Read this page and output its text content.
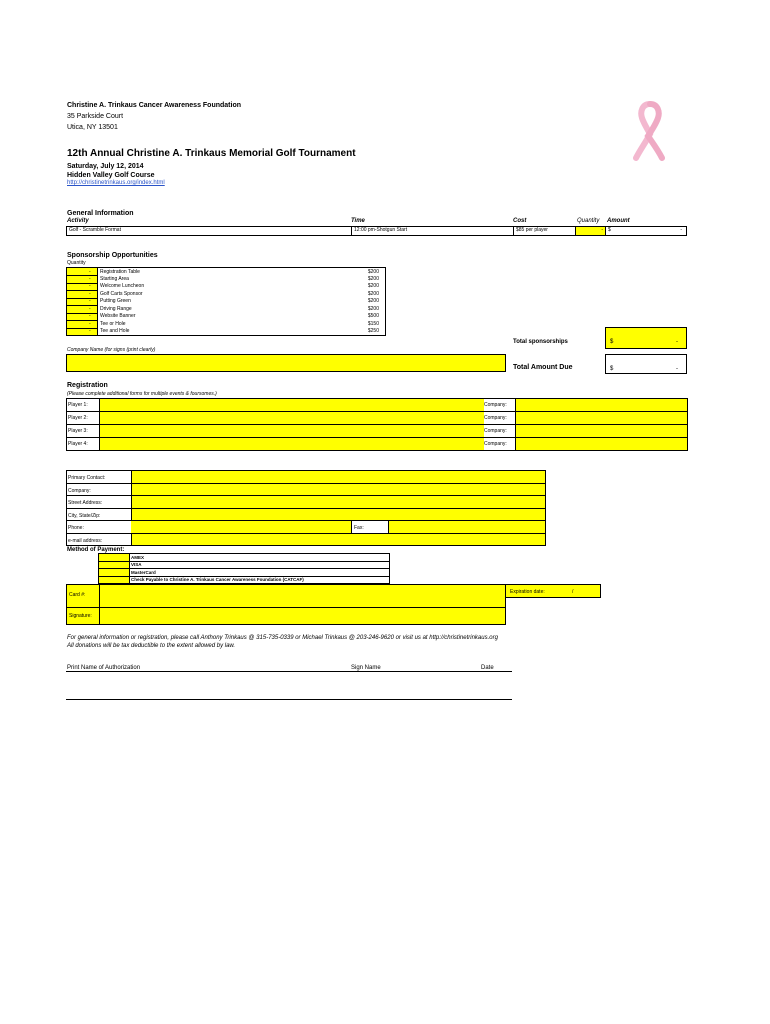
Christine A. Trinkaus Cancer Awareness Foundation
35 Parkside Court
Utica, NY 13501
12th Annual Christine A. Trinkaus Memorial Golf Tournament
Saturday, July 12, 2014
Hidden Valley Golf Course
http://christinetrinkaus.org/index.html
General Information
Activity	Time	Cost	Quantity Amount
Golf - Scramble Format	12:00 pm-Shotgun Start	$85 per player	-	$	-
Sponsorship Opportunities
Quantity
- Registration Table	$200
- Starting Area	$200
- Welcome Luncheon	$200
- Golf Carts Sponsor	$200
- Putting Green	$200
- Driving Range	$200
- Website Banner	$500
- Tee or Hole	$150
- Tee and Hole	$250
Total sponsorships	$	-
Company Name (for signs (print clearly)
Total Amount Due	$	-
Registration
(Please complete additional forms for multiple events & foursomes.)
Player 1:	Company:
Player 2:	Company:
Player 3:	Company:
Player 4:	Company:
Primary Contact:
Company:
Street Address:
City, State/Zip:
Phone:	Fax:
e-mail address:
Method of Payment:
AMEX
VISA
MasterCard
Check Payable to Christine A. Trinkaus Cancer Awareness Foundation (CATCAF)
Card #:	Expiration date:	/
Signature:
For general information or registration, please call Anthony Trinkaus @ 315-735-0339 or Michael Trinkaus @ 203-246-9620 or visit us at http://christinetrinkaus.org
All donations will be tax deductible to the extent allowed by law.
Print Name of Authorization	Sign Name	Date
